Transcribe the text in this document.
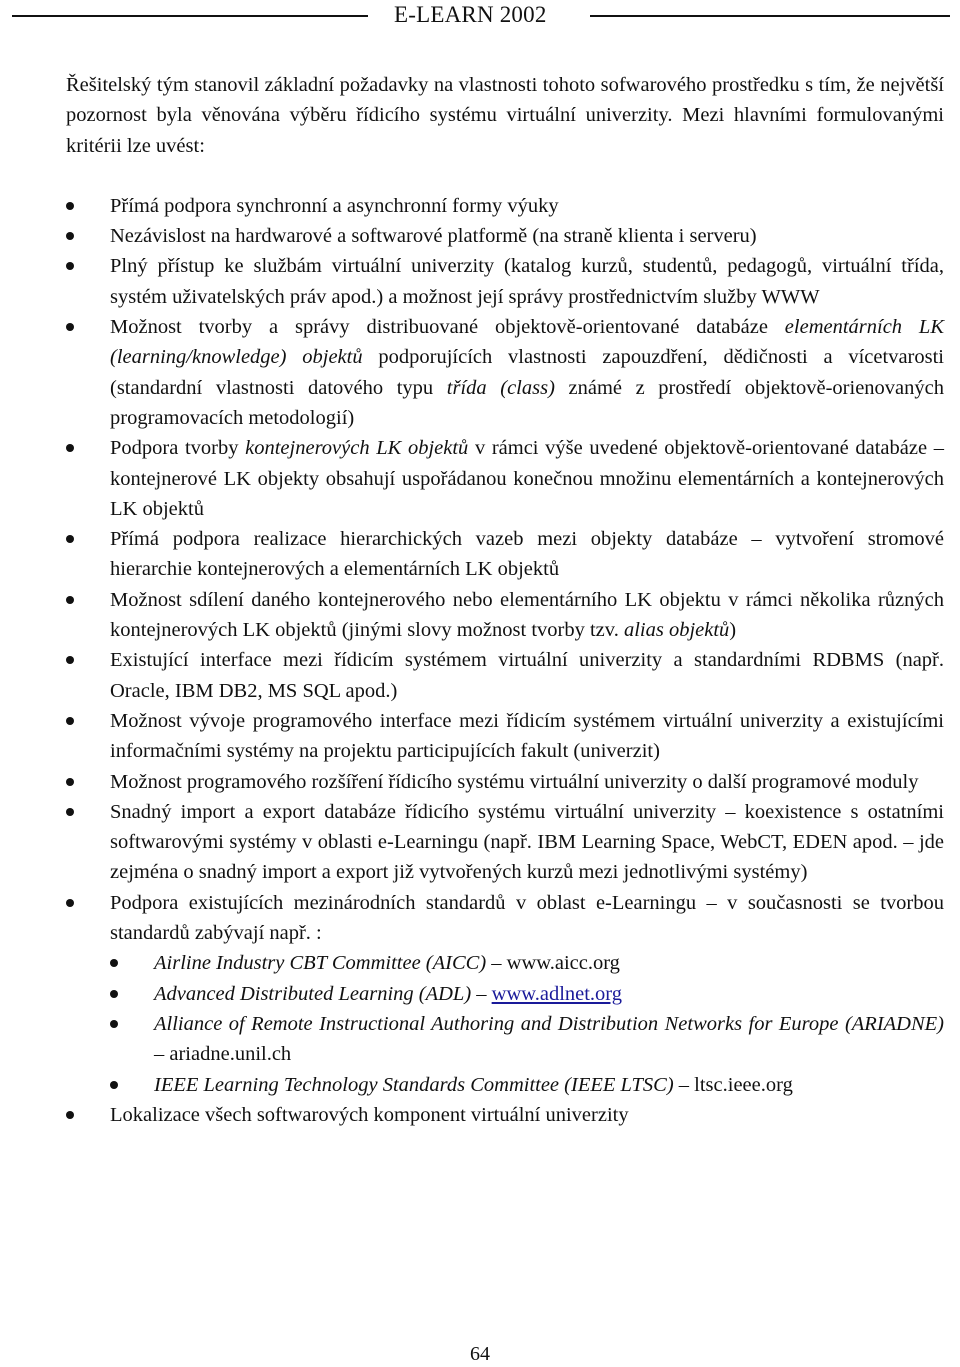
E-LEARN 2002

Řešitelský tým stanovil základní požadavky na vlastnosti tohoto sofwarového prostředku s tím, že největší pozornost byla věnována výběru řídicího systému virtuální univerzity. Mezi hlavními formulovanými kritérii lze uvést:

Přímá podpora synchronní a asynchronní formy výuky
Nezávislost na hardwarové a softwarové platformě (na straně klienta i serveru)
Plný přístup ke službám virtuální univerzity (katalog kurzů, studentů, pedagogů, virtuální třída, systém uživatelských práv apod.) a možnost její správy prostřednictvím služby WWW
Možnost tvorby a správy distribuované objektově-orientované databáze elementárních LK (learning/knowledge) objektů podporujících vlastnosti zapouzdření, dědičnosti a vícetvarosti (standardní vlastnosti datového typu třída (class) známé z prostředí objektově-orienovaných programovacích metodologií)
Podpora tvorby kontejnerových LK objektů v rámci výše uvedené objektově-orientované databáze – kontejnerové LK objekty obsahují uspořádanou konečnou množinu elementárních a kontejnerových LK objektů
Přímá podpora realizace hierarchických vazeb mezi objekty databáze – vytvoření stromové hierarchie kontejnerových a elementárních LK objektů
Možnost sdílení daného kontejnerového nebo elementárního LK objektu v rámci několika různých kontejnerových LK objektů (jinými slovy možnost tvorby tzv. alias objektů)
Existující interface mezi řídicím systémem virtuální univerzity a standardními RDBMS (např. Oracle, IBM DB2, MS SQL apod.)
Možnost vývoje programového interface mezi řídicím systémem virtuální univerzity a existujícími informačními systémy na projektu participujících fakult (univerzit)
Možnost programového rozšíření řídicího systému virtuální univerzity o další programové moduly
Snadný import a export databáze řídicího systému virtuální univerzity – koexistence s ostatními softwarovými systémy v oblasti e-Learningu (např. IBM Learning Space, WebCT, EDEN apod. – jde zejména o snadný import a export již vytvořených kurzů mezi jednotlivými systémy)
Podpora existujících mezinárodních standardů v oblast e-Learningu – v současnosti se tvorbou standardů zabývají např. :
Airline Industry CBT Committee (AICC) – www.aicc.org
Advanced Distributed Learning (ADL) – www.adlnet.org
Alliance of Remote Instructional Authoring and Distribution Networks for Europe (ARIADNE) – ariadne.unil.ch
IEEE Learning Technology Standards Committee (IEEE LTSC) – ltsc.ieee.org
Lokalizace všech softwarových komponent virtuální univerzity
64
